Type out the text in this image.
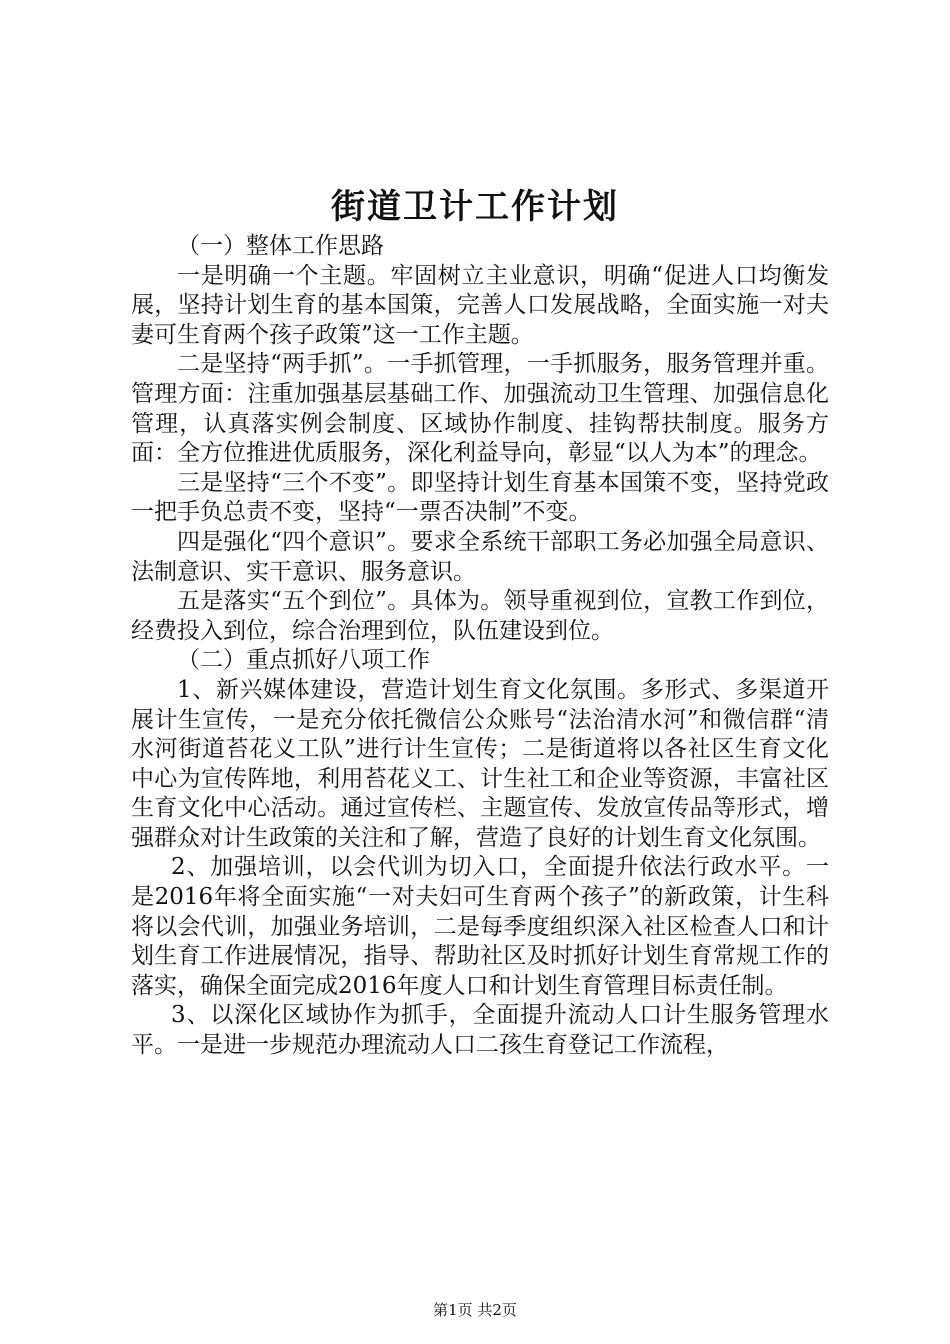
街道卫计工作计划

（一）整体工作思路

一是明确一个主题。牢固树立主业意识，明确“促进人口均衡发展，坚持计划生育的基本国策，完善人口发展战略，全面实施一对夫妻可生育两个孩子政策”这一工作主题。

二是坚持“两手抓”。一手抓管理，一手抓服务，服务管理并重。管理方面：注重加强基层基础工作、加强流动卫生管理、加强信息化管理，认真落实例会制度、区域协作制度、挂钩帮扶制度。服务方面：全方位推进优质服务，深化利益导向，彰显“以人为本”的理念。

三是坚持“三个不变”。即坚持计划生育基本国策不变，坚持党政一把手负总责不变，坚持“一票否决制”不变。

四是强化“四个意识”。要求全系统干部职工务必加强全局意识、法制意识、实干意识、服务意识。

五是落实“五个到位”。具体为。领导重视到位，宣教工作到位，经费投入到位，综合治理到位，队伍建设到位。

（二）重点抓好八项工作

1、新兴媒体建设，营造计划生育文化氛围。多形式、多渠道开展计生宣传，一是充分依托微信公众账号“法治清水河”和微信群“清水河街道苔花义工队”进行计生宣传；二是街道将以各社区生育文化中心为宣传阵地，利用苔花义工、计生社工和企业等资源，丰富社区生育文化中心活动。通过宣传栏、主题宣传、发放宣传品等形式，增强群众对计生政策的关注和了解，营造了良好的计划生育文化氛围。

2、加强培训，以会代训为切入口，全面提升依法行政水平。一是2016年将全面实施“一对夫妇可生育两个孩子”的新政策，计生科将以会代训，加强业务培训，二是每季度组织深入社区检查人口和计划生育工作进展情况，指导、帮助社区及时抓好计划生育常规工作的落实，确保全面完成2016年度人口和计划生育管理目标责任制。

3、以深化区域协作为抓手，全面提升流动人口计生服务管理水平。一是进一步规范办理流动人口二孩生育登记工作流程，

第1页 共2页
